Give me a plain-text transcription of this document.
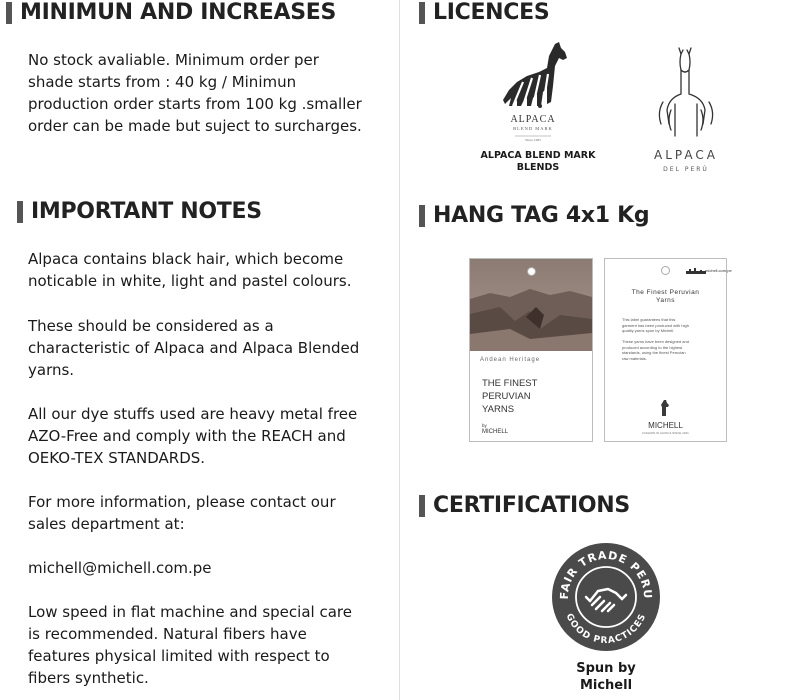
MINIMUN AND INCREASES
No stock avaliable. Minimum order per
shade starts from : 40 kg / Minimun
production order starts from 100 kg .smaller
order can be made but suject to surcharges.
IMPORTANT NOTES
Alpaca contains black hair, which become
noticable in white, light and pastel colours.
These should be considered as a
characteristic of Alpaca and Alpaca Blended
yarns.
All our dye stuffs used are heavy metal free
AZO-Free and comply with the REACH and
OEKO-TEX STANDARDS.
For more information, please contact our
sales department at:
michell@michell.com.pe
Low speed in flat machine and special care
is recommended. Natural fibers have
features physical limited with respect to
fibers synthetic.
LICENCES
ALPACA
BLEND MARK
Since 1985
ALPACA BLEND MARK
BLENDS
ALPACA
DEL PERÚ
HANG TAG 4x1 Kg
Andean Heritage
THE FINEST
PERUVIAN
YARNS
by
MICHELL
michell.com.pe
The Finest Peruvian
Yarns
This label guarantees that this
garment has been produced with high
quality yarns spun by Michell.
These yarns have been designed and
produced according to the highest
standards, using the finest Peruvian
raw materials.
MICHELL
FASHION IN ALPACA SINCE 1931
CERTIFICATIONS
FAIR TRADE PERU
GOOD PRACTICES
Spun by
Michell
